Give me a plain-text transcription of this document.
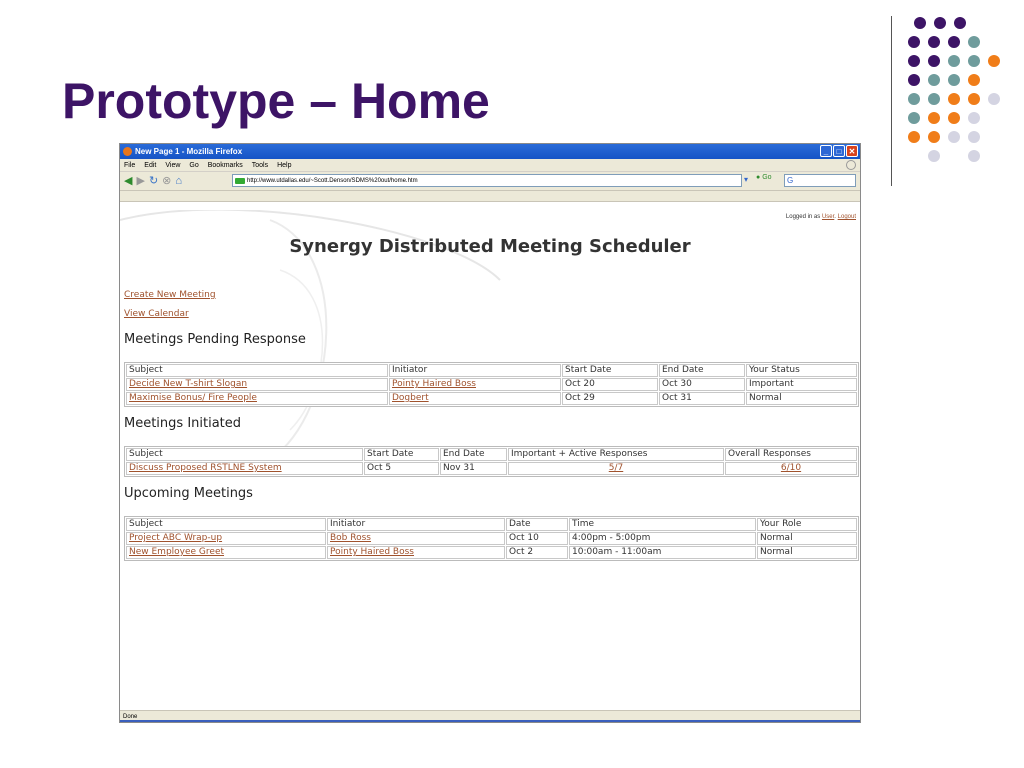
Prototype – Home
New Page 1 - Mozilla Firefox	_	□ ✕
File Edit View Go Bookmarks Tools Help
◀ ▶ ↻ ⊗ ⌂	http://www.utdallas.edu/~Scott.Denson/SDMS%20out/home.htm	▾ ● Go	G
Logged in as User. Logout
Synergy Distributed Meeting Scheduler
Create New Meeting
View Calendar
Meetings Pending Response
Subject	Initiator	Start Date	End Date	Your Status
Decide New T-shirt Slogan	Pointy Haired Boss	Oct 20	Oct 30	Important
Maximise Bonus/ Fire People	Dogbert	Oct 29	Oct 31	Normal
Meetings Initiated
Subject	Start Date	End Date	Important + Active Responses	Overall Responses
Discuss Proposed RSTLNE System	Oct 5	Nov 31	5/7	6/10
Upcoming Meetings
Subject	Initiator	Date	Time	Your Role
Project ABC Wrap-up	Bob Ross	Oct 10	4:00pm - 5:00pm	Normal
New Employee Greet	Pointy Haired Boss	Oct 2	10:00am - 11:00am	Normal
Done
